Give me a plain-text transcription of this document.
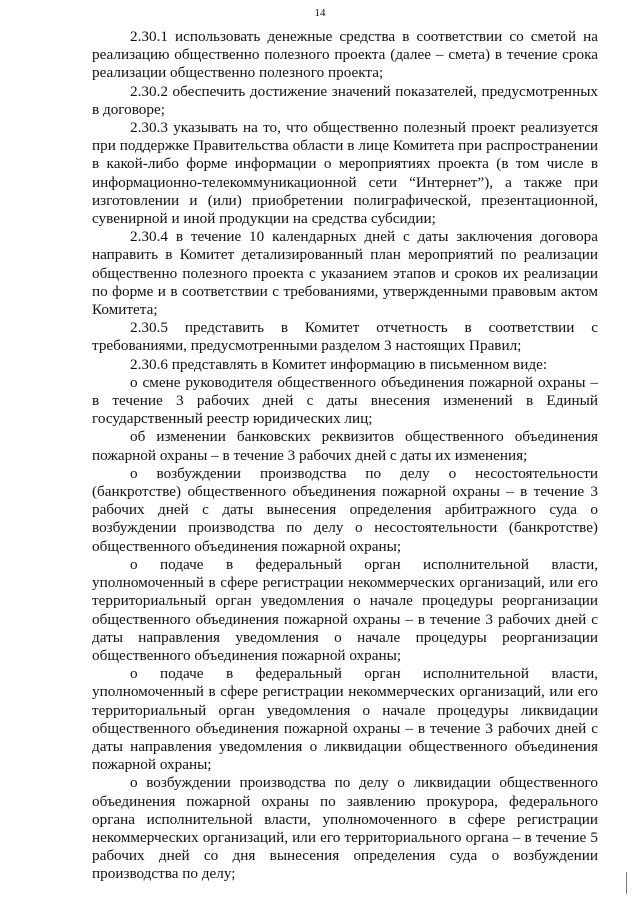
14

2.30.1 использовать денежные средства в соответствии со сметой на реализацию общественно полезного проекта (далее – смета) в течение срока реализации общественно полезного проекта;

2.30.2 обеспечить достижение значений показателей, предусмотренных в договоре;

2.30.3 указывать на то, что общественно полезный проект реализуется при поддержке Правительства области в лице Комитета при распространении в какой-либо форме информации о мероприятиях проекта (в том числе в информационно-телекоммуникационной сети “Интернет”), а также при изготовлении и (или) приобретении полиграфической, презентационной, сувенирной и иной продукции на средства субсидии;

2.30.4 в течение 10 календарных дней с даты заключения договора направить в Комитет детализированный план мероприятий по реализации общественно полезного проекта с указанием этапов и сроков их реализации по форме и в соответствии с требованиями, утвержденными правовым актом Комитета;

2.30.5 представить в Комитет отчетность в соответствии с требованиями, предусмотренными разделом 3 настоящих Правил;

2.30.6 представлять в Комитет информацию в письменном виде:

о смене руководителя общественного объединения пожарной охраны – в течение 3 рабочих дней с даты внесения изменений в Единый государственный реестр юридических лиц;

об изменении банковских реквизитов общественного объединения пожарной охраны – в течение 3 рабочих дней с даты их изменения;

о возбуждении производства по делу о несостоятельности (банкротстве) общественного объединения пожарной охраны – в течение 3 рабочих дней с даты вынесения определения арбитражного суда о возбуждении производства по делу о несостоятельности (банкротстве) общественного объединения пожарной охраны;

о подаче в федеральный орган исполнительной власти, уполномоченный в сфере регистрации некоммерческих организаций, или его территориальный орган уведомления о начале процедуры реорганизации общественного объединения пожарной охраны – в течение 3 рабочих дней с даты направления уведомления о начале процедуры реорганизации общественного объединения пожарной охраны;

о подаче в федеральный орган исполнительной власти, уполномоченный в сфере регистрации некоммерческих организаций, или его территориальный орган уведомления о начале процедуры ликвидации общественного объединения пожарной охраны – в течение 3 рабочих дней с даты направления уведомления о ликвидации общественного объединения пожарной охраны;

о возбуждении производства по делу о ликвидации общественного объединения пожарной охраны по заявлению прокурора, федерального органа исполнительной власти, уполномоченного в сфере регистрации некоммерческих организаций, или его территориального органа – в течение 5 рабочих дней со дня вынесения определения суда о возбуждении производства по делу;
